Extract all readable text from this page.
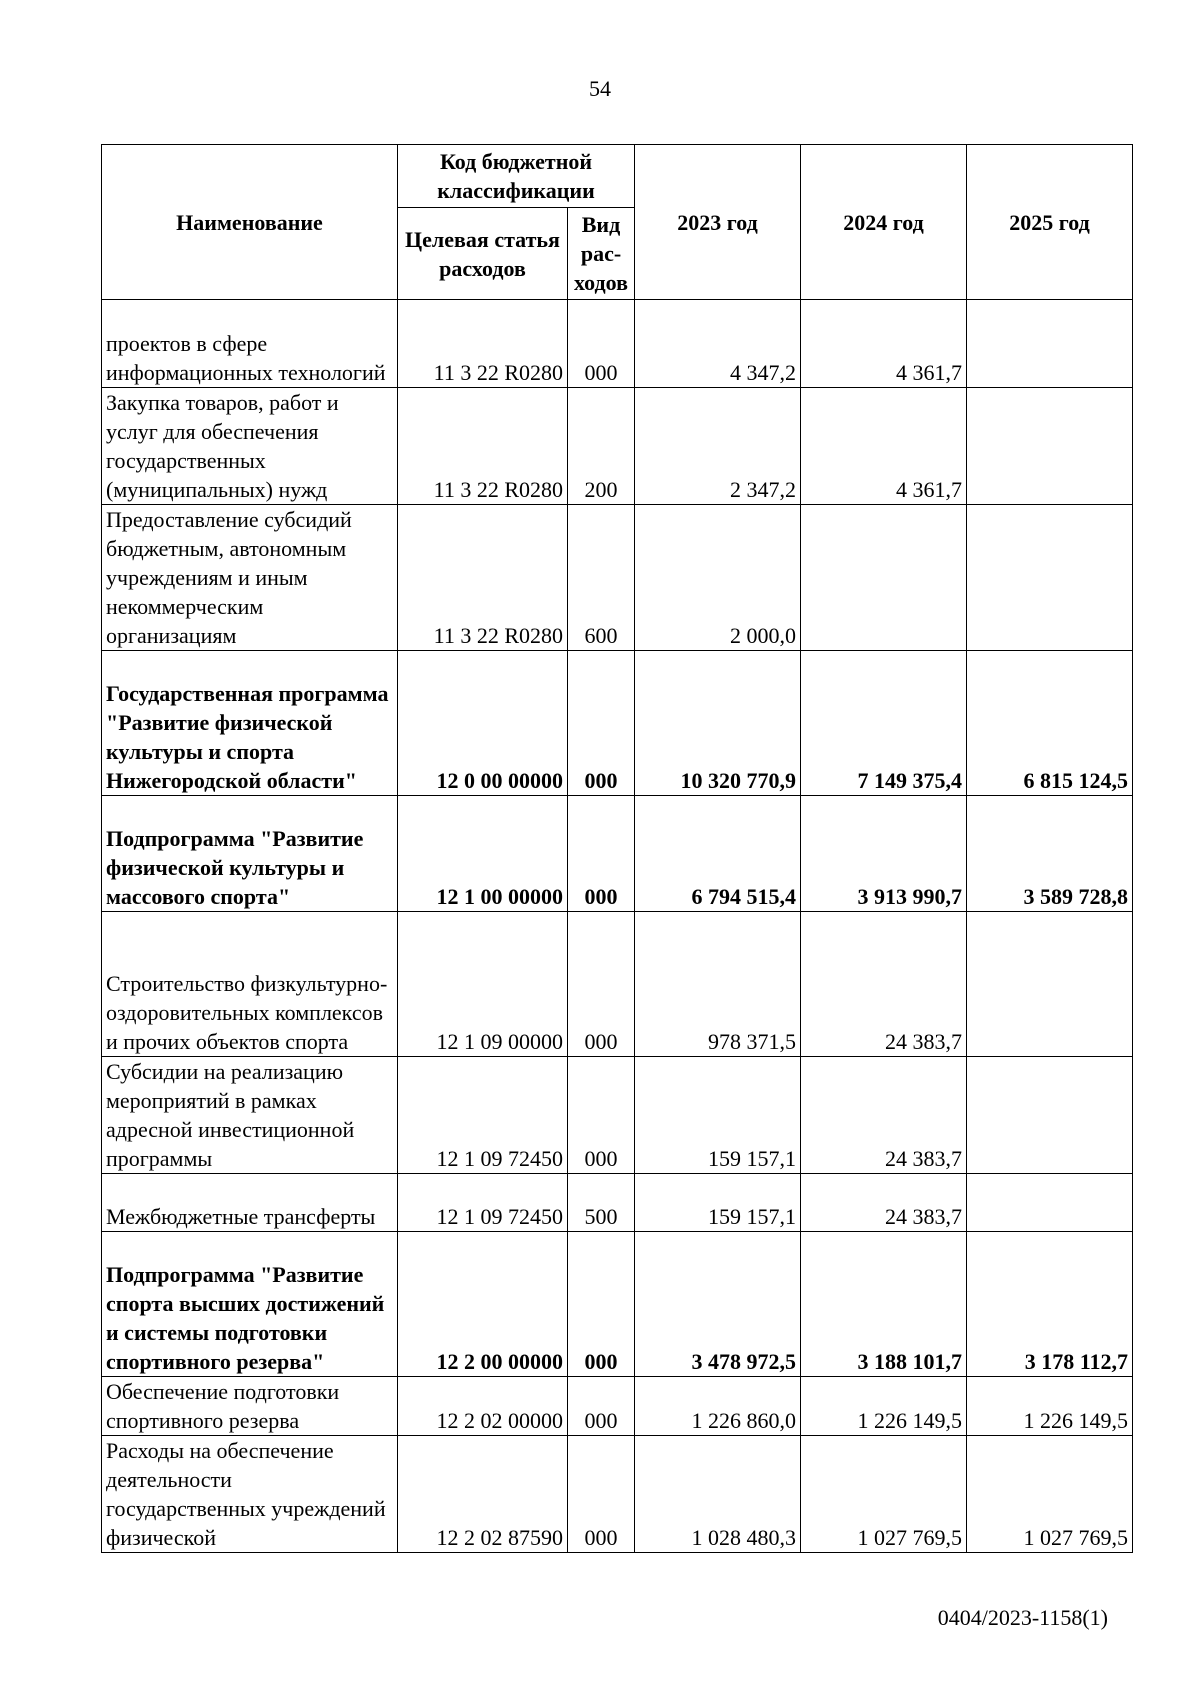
54
Наименование	Код бюджетной классификации		2023 год	2024 год	2025 год
	Целевая статья расходов	Вид рас-ходов			
проектов в сфере информационных технологий	11 3 22 R0280	000	4 347,2	4 361,7	
Закупка товаров, работ и услуг для обеспечения государственных (муниципальных) нужд	11 3 22 R0280	200	2 347,2	4 361,7	
Предоставление субсидий бюджетным, автономным учреждениям и иным некоммерческим организациям	11 3 22 R0280	600	2 000,0		
Государственная программа "Развитие физической культуры и спорта Нижегородской области"	12 0 00 00000	000	10 320 770,9	7 149 375,4	6 815 124,5
Подпрограмма "Развитие физической культуры и массового спорта"	12 1 00 00000	000	6 794 515,4	3 913 990,7	3 589 728,8
Строительство физкультурно-оздоровительных комплексов и прочих объектов спорта	12 1 09 00000	000	978 371,5	24 383,7	
Субсидии на реализацию мероприятий в рамках адресной инвестиционной программы	12 1 09 72450	000	159 157,1	24 383,7	
Межбюджетные трансферты	12 1 09 72450	500	159 157,1	24 383,7	
Подпрограмма "Развитие спорта высших достижений и системы подготовки спортивного резерва"	12 2 00 00000	000	3 478 972,5	3 188 101,7	3 178 112,7
Обеспечение подготовки спортивного резерва	12 2 02 00000	000	1 226 860,0	1 226 149,5	1 226 149,5
Расходы на обеспечение деятельности государственных учреждений физической	12 2 02 87590	000	1 028 480,3	1 027 769,5	1 027 769,5
0404/2023-1158(1)
